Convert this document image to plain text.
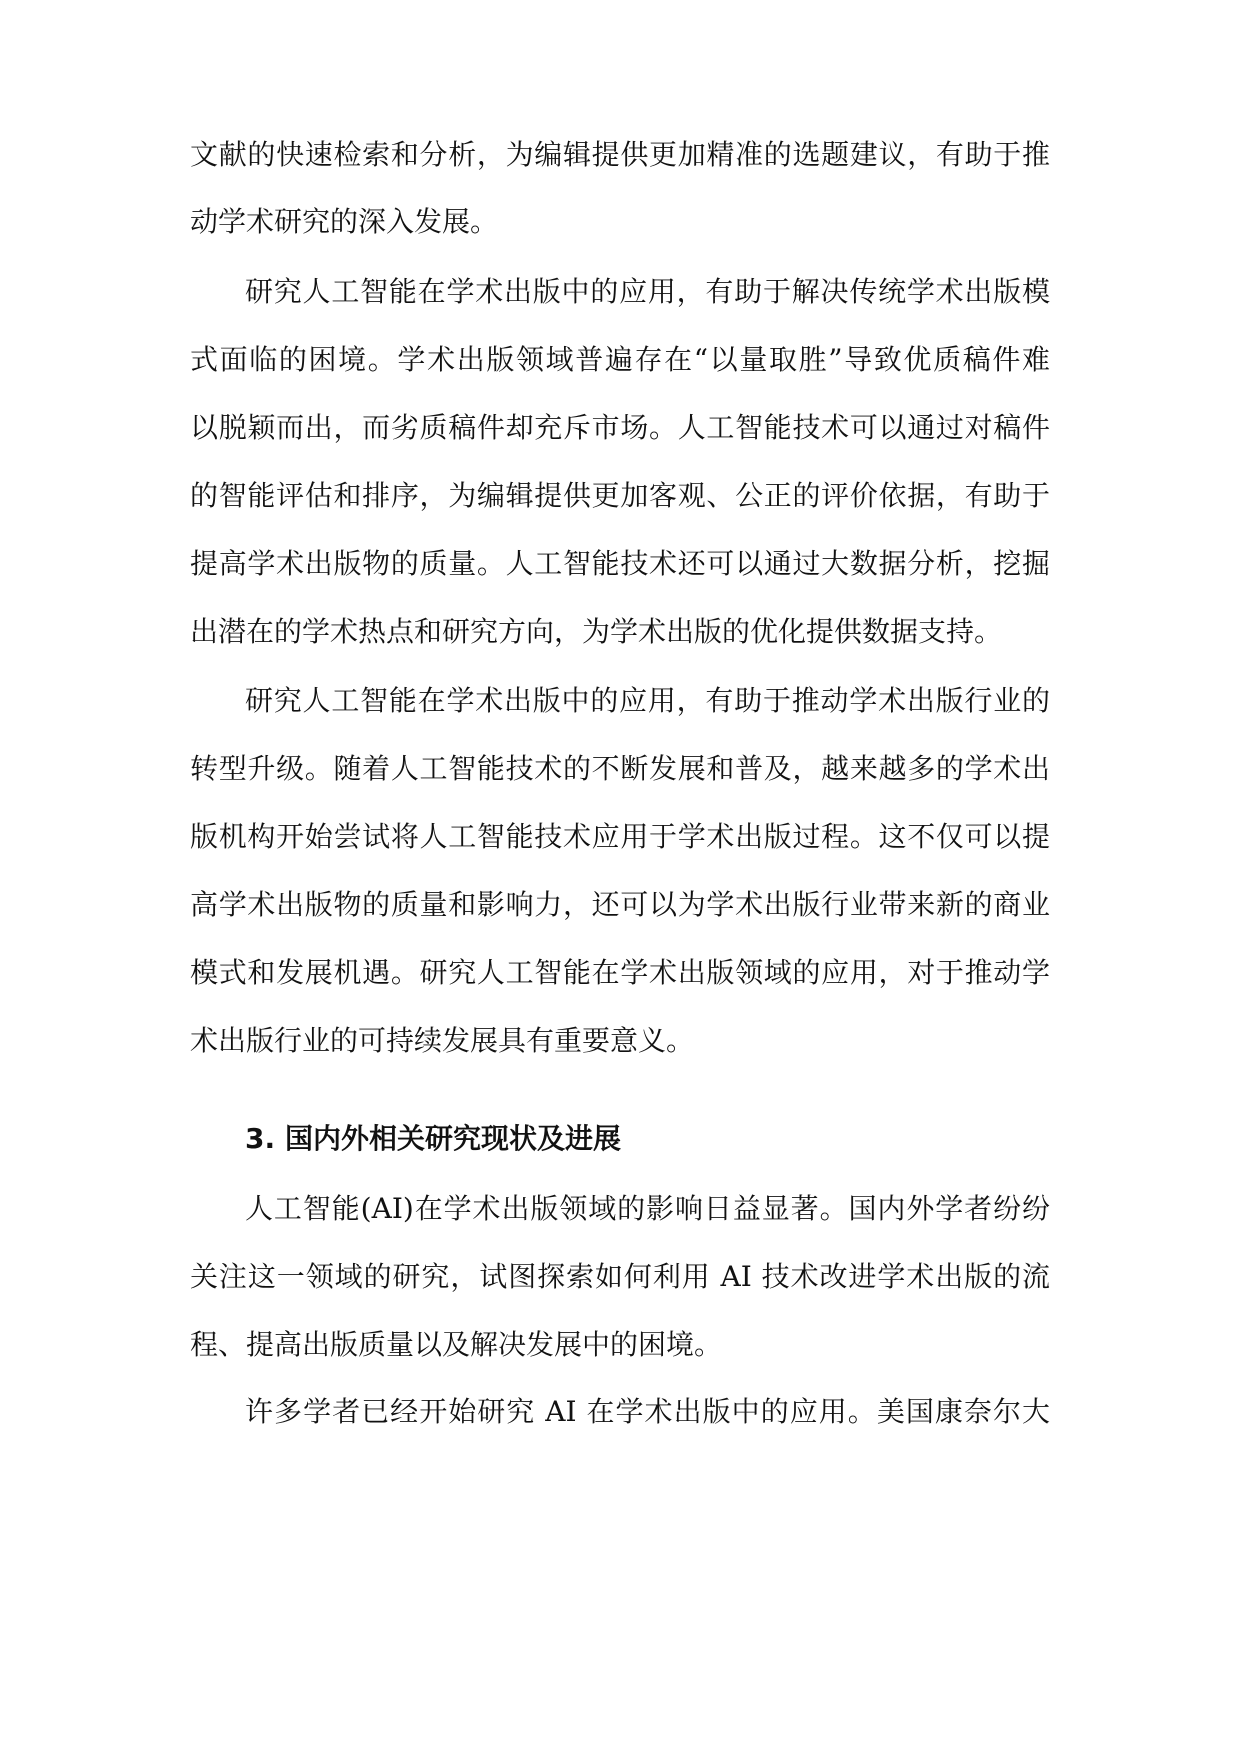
文献的快速检索和分析，为编辑提供更加精准的选题建议，有助于推
动学术研究的深入发展。
研究人工智能在学术出版中的应用，有助于解决传统学术出版模
式面临的困境。学术出版领域普遍存在“以量取胜”导致优质稿件难
以脱颖而出，而劣质稿件却充斥市场。人工智能技术可以通过对稿件
的智能评估和排序，为编辑提供更加客观、公正的评价依据，有助于
提高学术出版物的质量。人工智能技术还可以通过大数据分析，挖掘
出潜在的学术热点和研究方向，为学术出版的优化提供数据支持。
研究人工智能在学术出版中的应用，有助于推动学术出版行业的
转型升级。随着人工智能技术的不断发展和普及，越来越多的学术出
版机构开始尝试将人工智能技术应用于学术出版过程。这不仅可以提
高学术出版物的质量和影响力，还可以为学术出版行业带来新的商业
模式和发展机遇。研究人工智能在学术出版领域的应用，对于推动学
术出版行业的可持续发展具有重要意义。
3. 国内外相关研究现状及进展
人工智能(AI)在学术出版领域的影响日益显著。国内外学者纷纷
关注这一领域的研究，试图探索如何利用 AI 技术改进学术出版的流
程、提高出版质量以及解决发展中的困境。
许多学者已经开始研究 AI 在学术出版中的应用。美国康奈尔大
